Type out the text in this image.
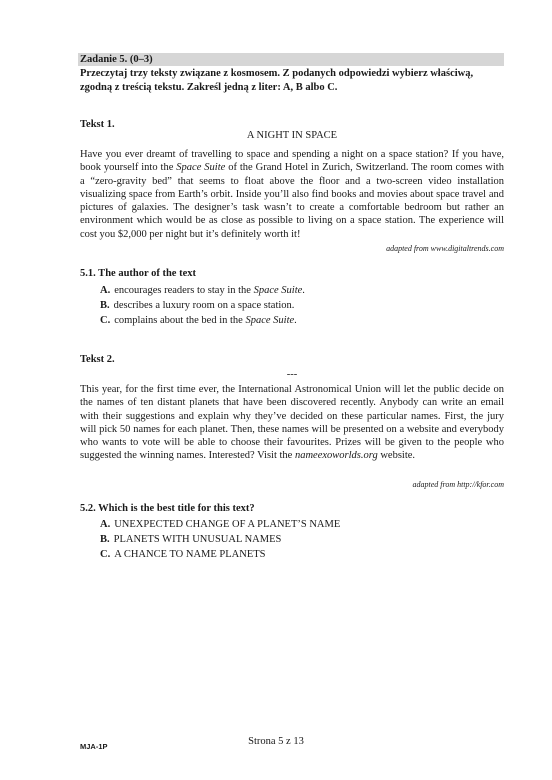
Zadanie 5. (0–3)
Przeczytaj trzy teksty związane z kosmosem. Z podanych odpowiedzi wybierz właściwą, zgodną z treścią tekstu. Zakreśl jedną z liter: A, B albo C.
Tekst 1.
A NIGHT IN SPACE
Have you ever dreamt of travelling to space and spending a night on a space station? If you have, book yourself into the Space Suite of the Grand Hotel in Zurich, Switzerland. The room comes with a “zero-gravity bed” that seems to float above the floor and a two-screen video installation visualizing space from Earth’s orbit. Inside you’ll also find books and movies about space travel and pictures of galaxies. The designer’s task wasn’t to create a comfortable bedroom but rather an environment which would be as close as possible to living on a space station. The experience will cost you $2,000 per night but it’s definitely worth it!
adapted from www.digitaltrends.com
5.1. The author of the text
A. encourages readers to stay in the Space Suite.
B. describes a luxury room on a space station.
C. complains about the bed in the Space Suite.
Tekst 2.
---
This year, for the first time ever, the International Astronomical Union will let the public decide on the names of ten distant planets that have been discovered recently. Anybody can write an email with their suggestions and explain why they’ve decided on these particular names. First, the jury will pick 50 names for each planet. Then, these names will be presented on a website and everybody who wants to vote will be able to choose their favourites. Prizes will be given to the people who suggested the winning names. Interested? Visit the nameexoworlds.org website.
adapted from http://kfor.com
5.2. Which is the best title for this text?
A. UNEXPECTED CHANGE OF A PLANET’S NAME
B. PLANETS WITH UNUSUAL NAMES
C. A CHANCE TO NAME PLANETS
MJA-1P	Strona 5 z 13
